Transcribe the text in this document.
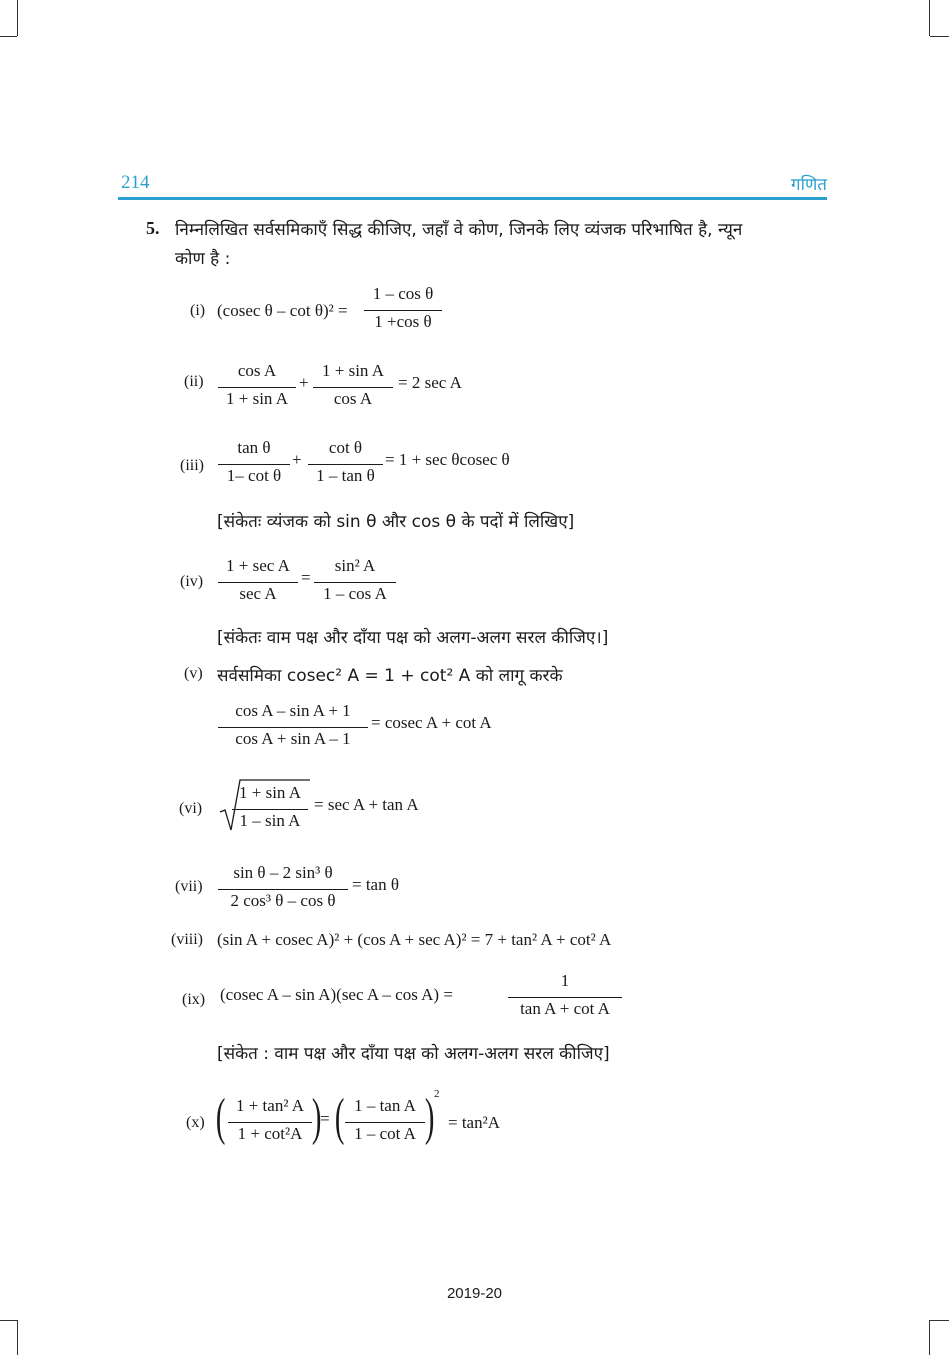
214	गणित
5. निम्नलिखित सर्वसमिकाएँ सिद्ध कीजिए, जहाँ वे कोण, जिनके लिए व्यंजक परिभाषित है, न्यून
कोण है :
(i) (cosec θ – cot θ)² =
1 – cos θ
1 +cos θ
(ii)
cos A
1 + sin A
+
1 + sin A
cos A
= 2 sec A
(iii)
tan θ
1– cot θ
+
cot θ
1 – tan θ
= 1 + sec θcosec θ
[संकेतः व्यंजक को sin θ और cos θ के पदों में लिखिए]
(iv)
1 + sec A
sec A
=
sin² A
1 – cos A
[संकेतः वाम पक्ष और दाँया पक्ष को अलग-अलग सरल कीजिए।]
(v) सर्वसमिका cosec² A = 1 + cot² A को लागू करके
cos A – sin A + 1
cos A + sin A – 1
= cosec A + cot A
(vi)
1 + sin A
1 – sin A
= sec A + tan A
(vii)
sin θ – 2 sin³ θ
2 cos³ θ – cos θ
= tan θ
(viii) (sin A + cosec A)² + (cos A + sec A)² = 7 + tan² A + cot² A
(ix) (cosec A – sin A)(sec A – cos A) =
1
tan A + cot A
[संकेत : वाम पक्ष और दाँया पक्ष को अलग-अलग सरल कीजिए]
(x) ( 1 + tan² A
1 + cot²A )
= ( 1 – tan A
1 – cot A ) 2
= tan²A
2019-20
